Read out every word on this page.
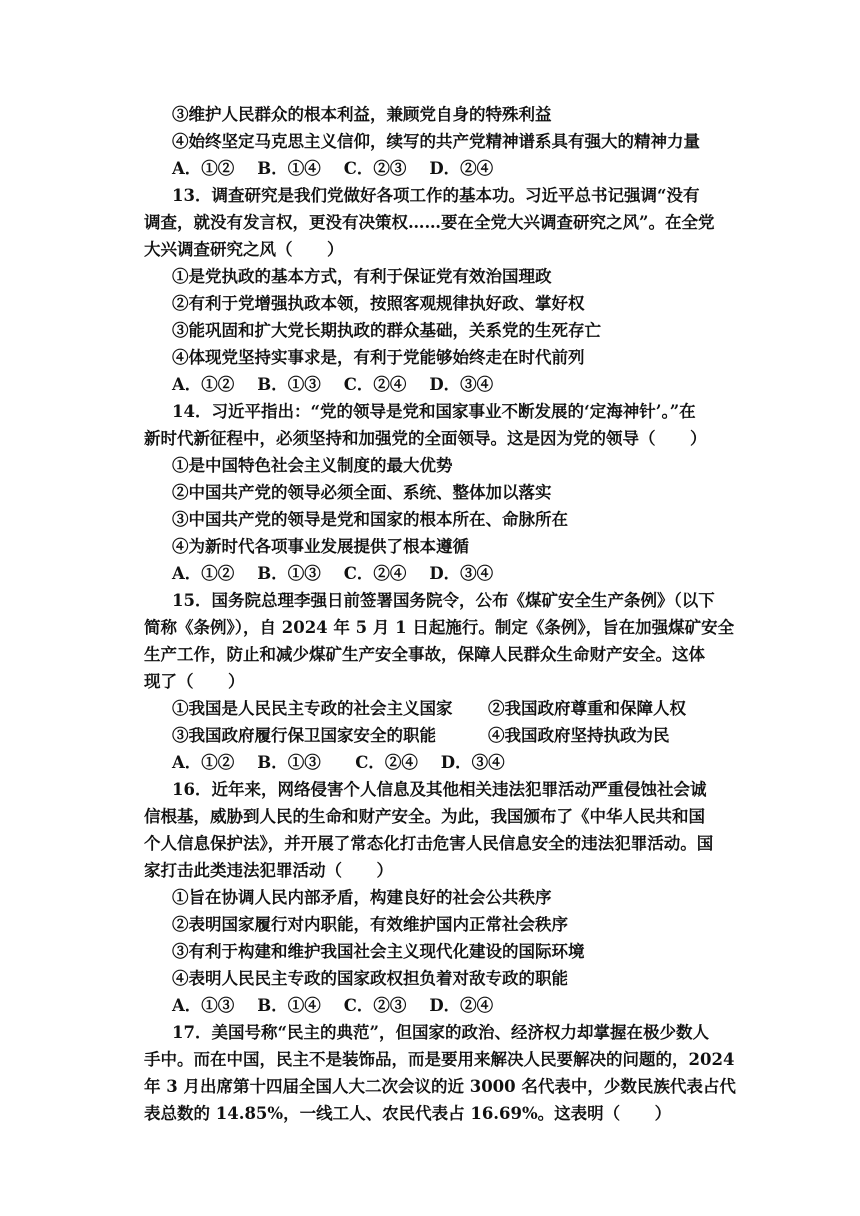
③维护人民群众的根本利益，兼顾党自身的特殊利益
④始终坚定马克思主义信仰，续写的共产党精神谱系具有强大的精神力量
A．①②    B．①④    C．②③    D．②④
13．调查研究是我们党做好各项工作的基本功。习近平总书记强调“没有
调查，就没有发言权，更没有决策权……要在全党大兴调查研究之风”。在全党
大兴调查研究之风（      ）
①是党执政的基本方式，有利于保证党有效治国理政
②有利于党增强执政本领，按照客观规律执好政、掌好权
③能巩固和扩大党长期执政的群众基础，关系党的生死存亡
④体现党坚持实事求是，有利于党能够始终走在时代前列
A．①②    B．①③    C．②④    D．③④
14．习近平指出：“党的领导是党和国家事业不断发展的‘定海神针’。”在
新时代新征程中，必须坚持和加强党的全面领导。这是因为党的领导（      ）
①是中国特色社会主义制度的最大优势
②中国共产党的领导必须全面、系统、整体加以落实
③中国共产党的领导是党和国家的根本所在、命脉所在
④为新时代各项事业发展提供了根本遵循
A．①②    B．①③    C．②④    D．③④
15．国务院总理李强日前签署国务院令，公布《煤矿安全生产条例》（以下
简称《条例》），自 2024 年 5 月 1 日起施行。制定《条例》，旨在加强煤矿安全
生产工作，防止和减少煤矿生产安全事故，保障人民群众生命财产安全。这体
现了（      ）
①我国是人民民主专政的社会主义国家 ②我国政府尊重和保障人权
③我国政府履行保卫国家安全的职能	④我国政府坚持执政为民
A．①②    B．①③      C．②④    D．③④
16．近年来，网络侵害个人信息及其他相关违法犯罪活动严重侵蚀社会诚
信根基，威胁到人民的生命和财产安全。为此，我国颁布了《中华人民共和国
个人信息保护法》，并开展了常态化打击危害人民信息安全的违法犯罪活动。国
家打击此类违法犯罪活动（      ）
①旨在协调人民内部矛盾，构建良好的社会公共秩序
②表明国家履行对内职能，有效维护国内正常社会秩序
③有利于构建和维护我国社会主义现代化建设的国际环境
④表明人民民主专政的国家政权担负着对敌专政的职能
A．①③    B．①④    C．②③    D．②④
17．美国号称“民主的典范”，但国家的政治、经济权力却掌握在极少数人
手中。而在中国，民主不是装饰品，而是要用来解决人民要解决的问题的，2024
年 3 月出席第十四届全国人大二次会议的近 3000 名代表中，少数民族代表占代
表总数的 14.85%，一线工人、农民代表占 16.69%。这表明（      ）
